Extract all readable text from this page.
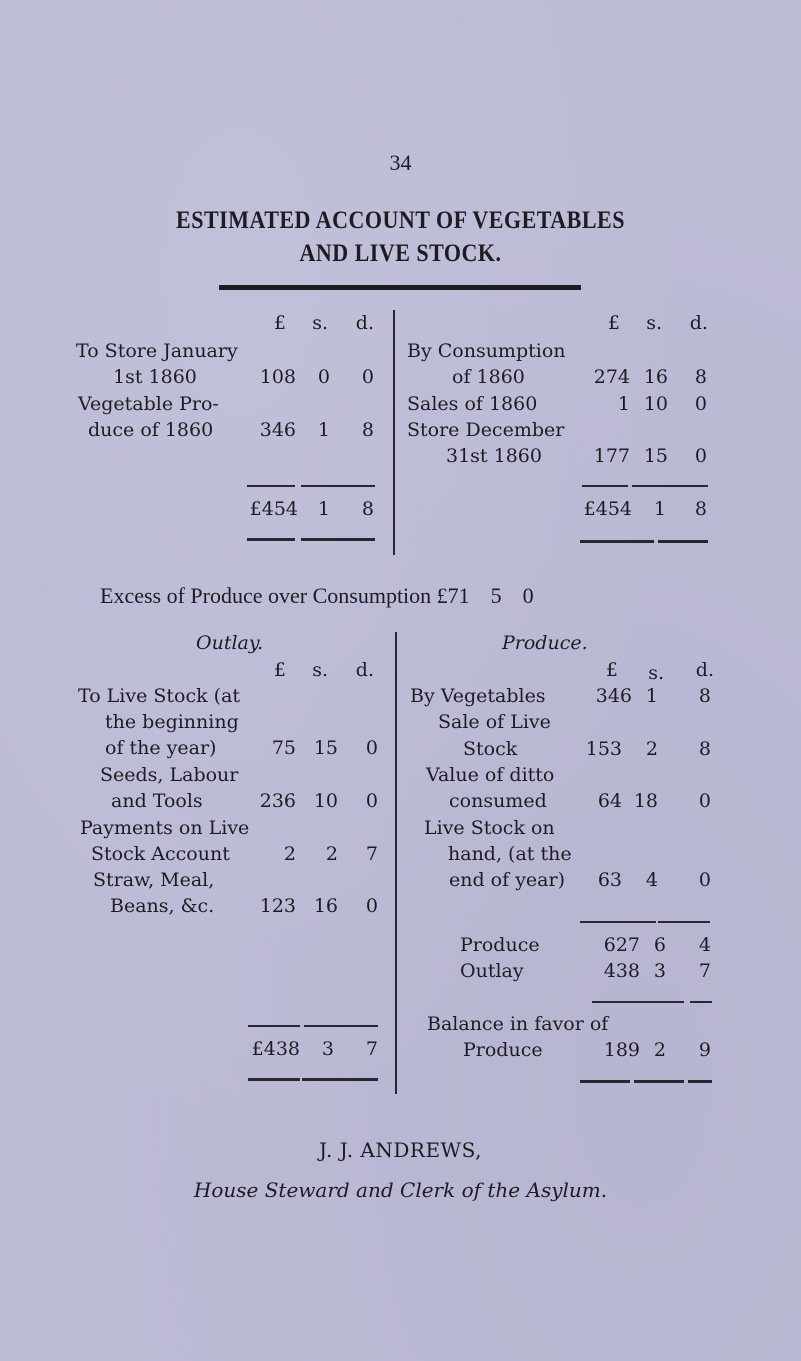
34
ESTIMATED ACCOUNT OF VEGETABLES
AND LIVE STOCK.
£	s.	d.
To Store January
1st 1860	108 0 0
Vegetable Pro-
duce of 1860	346 1 8
£454 1 8
£	s.	d.
By Consumption
of 1860	274 16 8
Sales of 1860	1 10 0
Store December
31st 1860	177 15 0
£454 1 8
Excess of Produce over Consumption £71 5 0
Outlay.
£	s.	d.
To Live Stock (at
the beginning
of the year)	75 15 0
Seeds, Labour
and Tools	236 10 0
Payments on Live
Stock Account	2	2 7
Straw, Meal,
Beans, &c.	123 16 0
£438 3 7
Produce.
£	s.	d.
By Vegetables	346 1 8
Sale of Live
Stock	153 2 8
Value of ditto
consumed	64 18 0
Live Stock on
hand, (at the
end of year)	63 4 0
Produce	627 6 4
Outlay	438 3 7
Balance in favor of
Produce	189 2 9
J. J. ANDREWS,
House Steward and Clerk of the Asylum.
